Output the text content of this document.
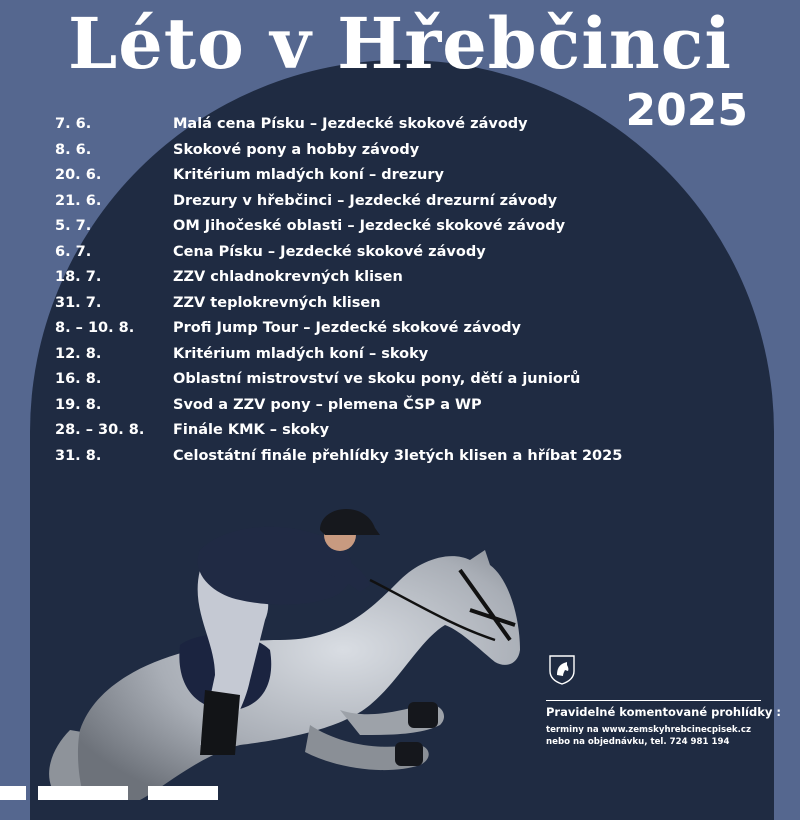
Léto v Hřebčinci
2025
7. 6.	Malá cena Písku – Jezdecké skokové závody
8. 6.	Skokové pony a hobby závody
20. 6.	Kritérium mladých koní – drezury
21. 6.	Drezury v hřebčinci – Jezdecké drezurní závody
5. 7.	OM Jihočeské oblasti – Jezdecké skokové závody
6. 7.	Cena Písku – Jezdecké skokové závody
18. 7.	ZZV chladnokrevných klisen
31. 7.	ZZV teplokrevných klisen
8. – 10. 8.	Profi Jump Tour – Jezdecké skokové závody
12. 8.	Kritérium mladých koní – skoky
16. 8.	Oblastní mistrovství ve skoku pony, dětí a juniorů
19. 8.	Svod a ZZV pony – plemena ČSP a WP
28. – 30. 8. Finále KMK – skoky
31. 8.	Celostátní finále přehlídky 3letých klisen a hříbat 2025
Pravidelné komentované prohlídky :
terminy na www.zemskyhrebcinecpisek.cz
nebo na objednávku, tel. 724 981 194
